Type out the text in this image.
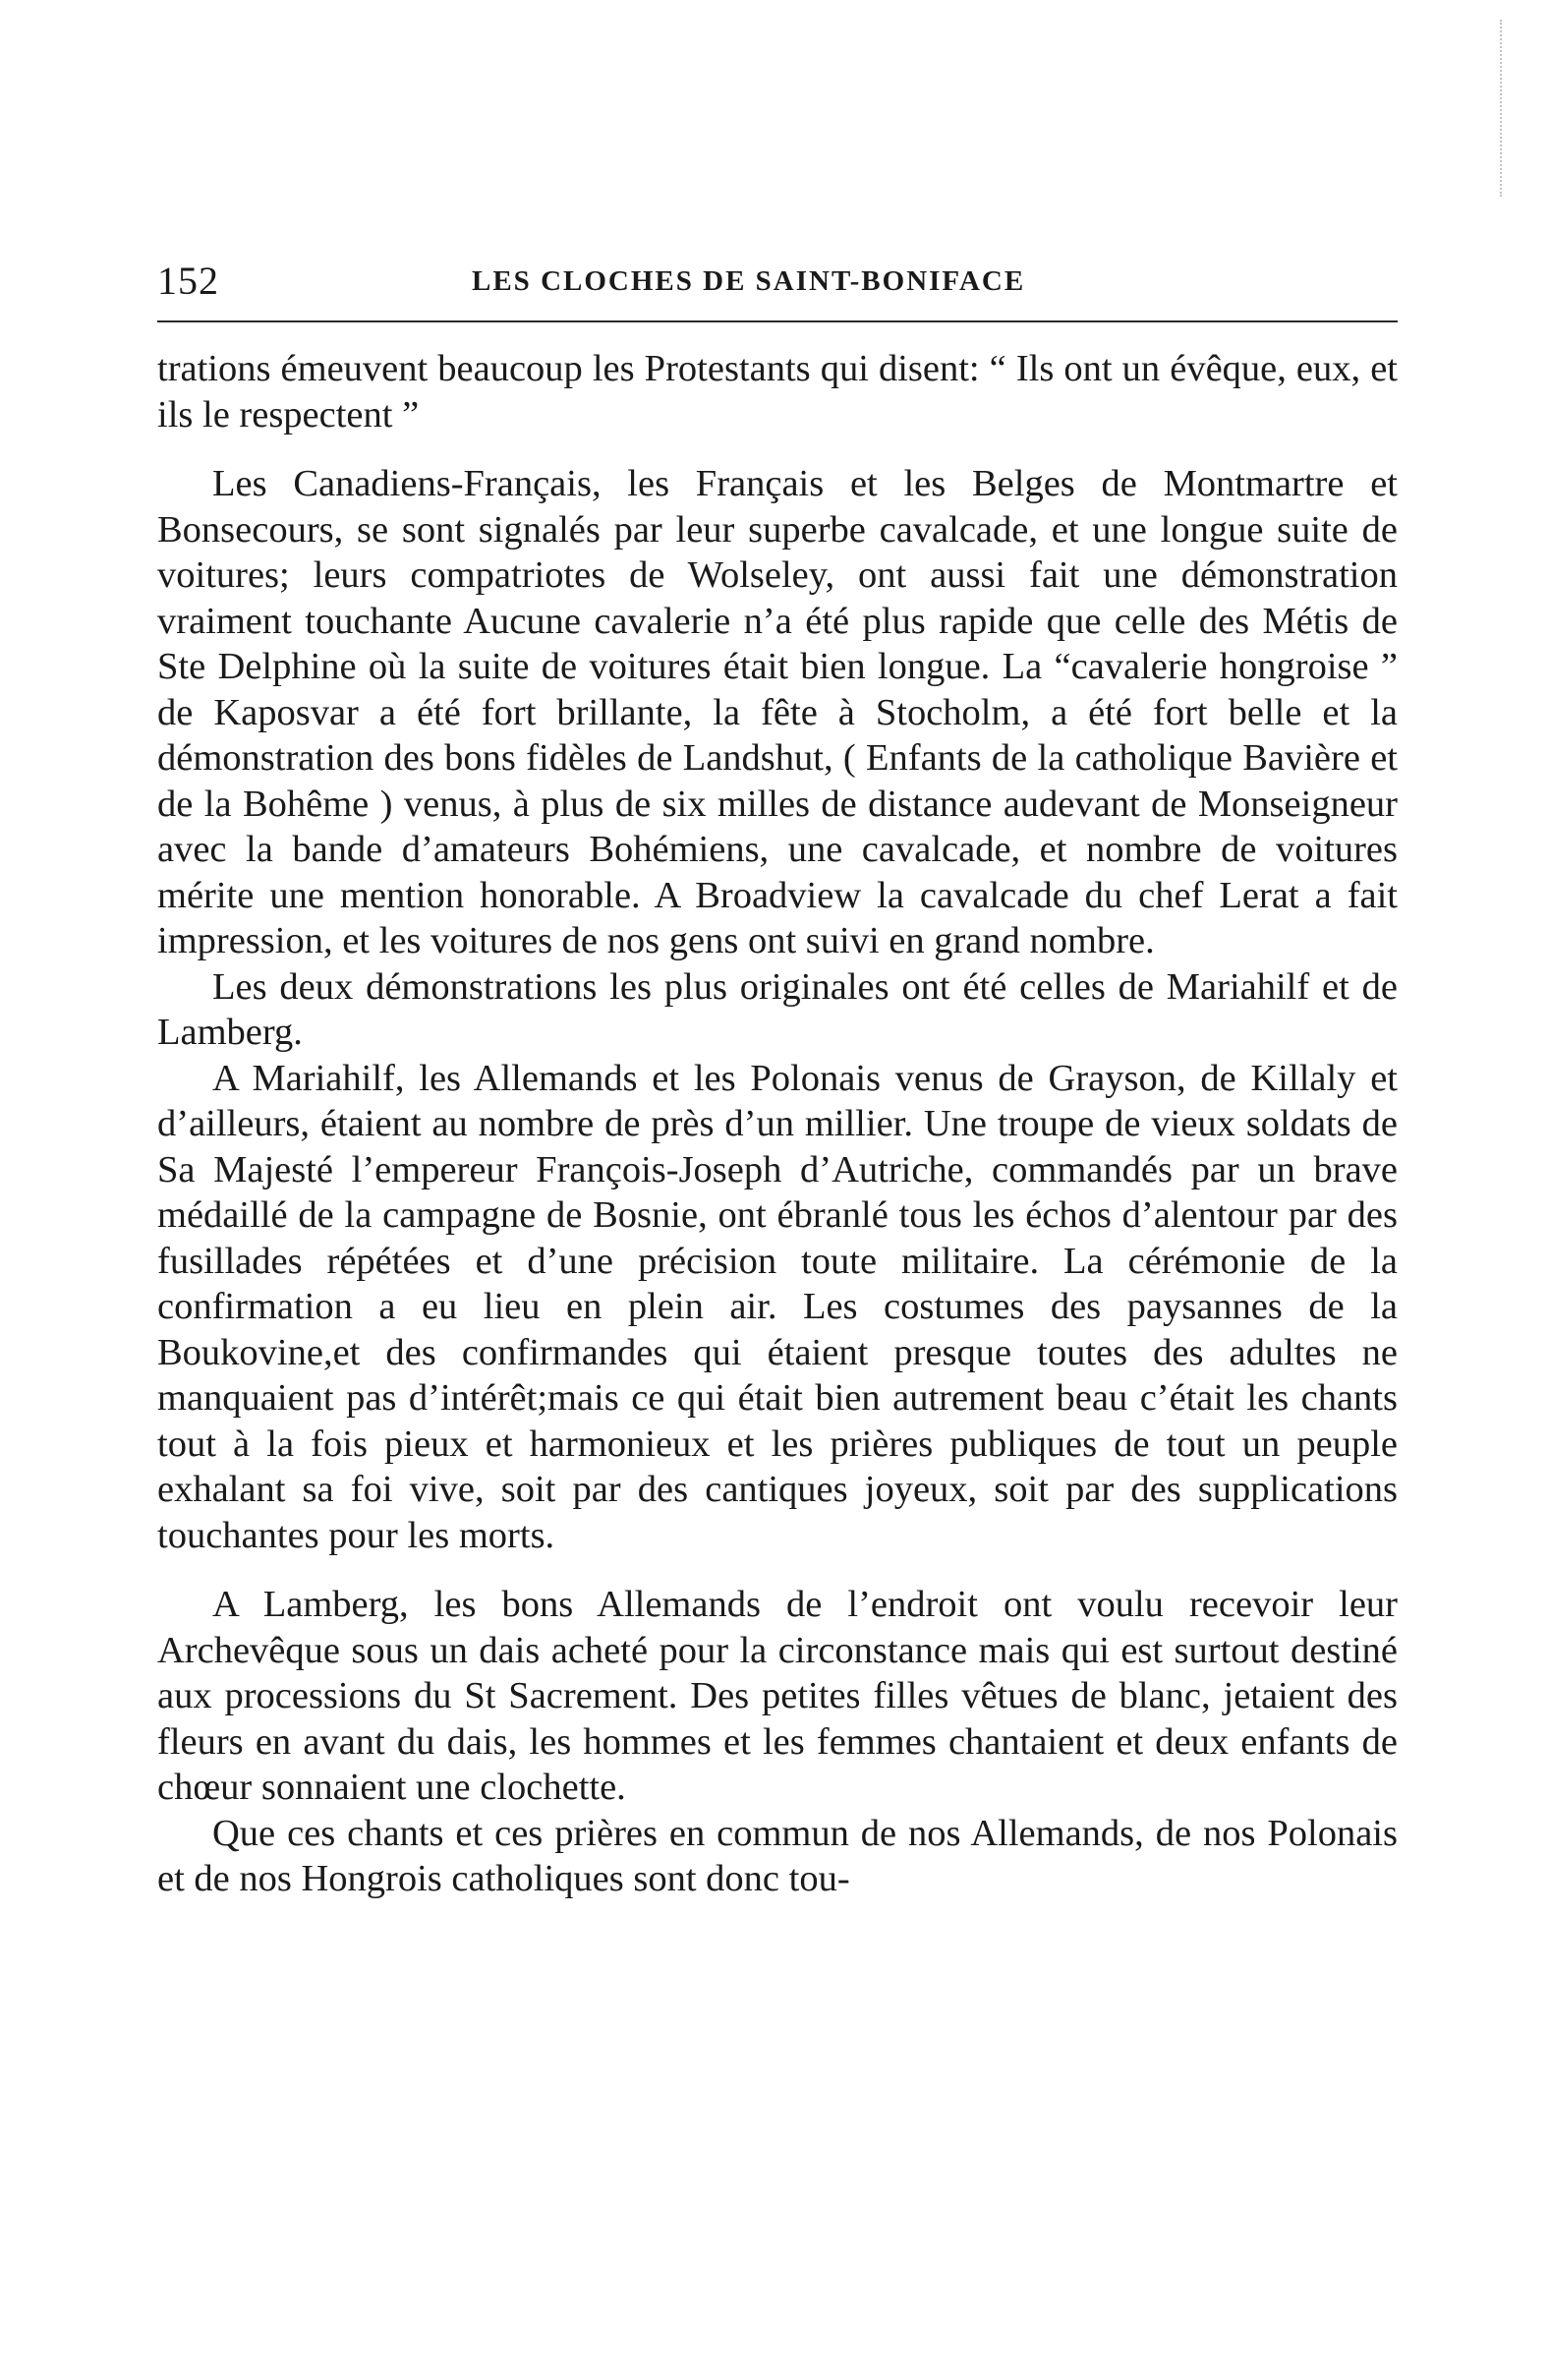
152	LES CLOCHES DE SAINT-BONIFACE

trations émeuvent beaucoup les Protestants qui disent: “ Ils ont un évêque, eux, et ils le respectent ”

Les Canadiens-Français, les Français et les Belges de Montmartre et Bonsecours, se sont signalés par leur superbe cavalcade, et une longue suite de voitures; leurs compatriotes de Wolseley, ont aussi fait une démonstration vraiment touchante Aucune cavalerie n’a été plus rapide que celle des Métis de Ste Delphine où la suite de voitures était bien longue. La “cavalerie hongroise ” de Kaposvar a été fort brillante, la fête à Stocholm, a été fort belle et la démonstration des bons fidèles de Landshut, ( Enfants de la catholique Bavière et de la Bohême ) venus, à plus de six milles de distance audevant de Monseigneur avec la bande d’amateurs Bohémiens, une cavalcade, et nombre de voitures mérite une mention honorable. A Broadview la cavalcade du chef Lerat a fait impression, et les voitures de nos gens ont suivi en grand nombre.

Les deux démonstrations les plus originales ont été celles de Mariahilf et de Lamberg.

A Mariahilf, les Allemands et les Polonais venus de Grayson, de Killaly et d’ailleurs, étaient au nombre de près d’un millier. Une troupe de vieux soldats de Sa Majesté l’empereur François-Joseph d’Autriche, commandés par un brave médaillé de la campagne de Bosnie, ont ébranlé tous les échos d’alentour par des fusillades répétées et d’une précision toute militaire. La cérémonie de la confirmation a eu lieu en plein air. Les costumes des paysannes de la Boukovine,et des confirmandes qui étaient presque toutes des adultes ne manquaient pas d’intérêt;mais ce qui était bien autrement beau c’était les chants tout à la fois pieux et harmonieux et les prières publiques de tout un peuple exhalant sa foi vive, soit par des cantiques joyeux, soit par des supplications touchantes pour les morts.

A Lamberg, les bons Allemands de l’endroit ont voulu recevoir leur Archevêque sous un dais acheté pour la circonstance mais qui est surtout destiné aux processions du St Sacrement. Des petites filles vêtues de blanc, jetaient des fleurs en avant du dais, les hommes et les femmes chantaient et deux enfants de chœur sonnaient une clochette.

Que ces chants et ces prières en commun de nos Allemands, de nos Polonais et de nos Hongrois catholiques sont donc tou-
